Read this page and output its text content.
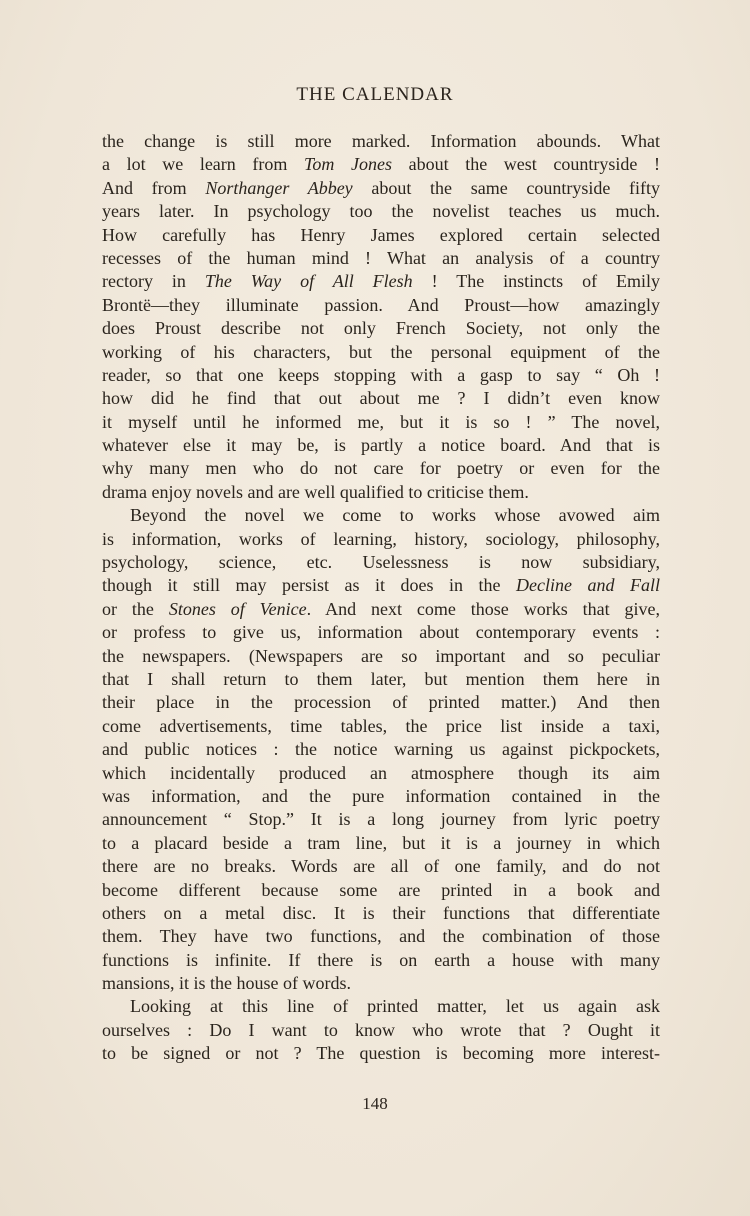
THE CALENDAR
the change is still more marked. Information abounds. What
a lot we learn from Tom Jones about the west countryside !
And from Northanger Abbey about the same countryside fifty
years later. In psychology too the novelist teaches us much.
How carefully has Henry James explored certain selected
recesses of the human mind ! What an analysis of a country
rectory in The Way of All Flesh ! The instincts of Emily
Brontë—they illuminate passion. And Proust—how amazingly
does Proust describe not only French Society, not only the
working of his characters, but the personal equipment of the
reader, so that one keeps stopping with a gasp to say “ Oh !
how did he find that out about me ? I didn’t even know
it myself until he informed me, but it is so ! ” The novel,
whatever else it may be, is partly a notice board. And that is
why many men who do not care for poetry or even for the
drama enjoy novels and are well qualified to criticise them.
Beyond the novel we come to works whose avowed aim
is information, works of learning, history, sociology, philosophy,
psychology, science, etc. Uselessness is now subsidiary,
though it still may persist as it does in the Decline and Fall
or the Stones of Venice. And next come those works that give,
or profess to give us, information about contemporary events :
the newspapers. (Newspapers are so important and so peculiar
that I shall return to them later, but mention them here in
their place in the procession of printed matter.) And then
come advertisements, time tables, the price list inside a taxi,
and public notices : the notice warning us against pickpockets,
which incidentally produced an atmosphere though its aim
was information, and the pure information contained in the
announcement “ Stop.” It is a long journey from lyric poetry
to a placard beside a tram line, but it is a journey in which
there are no breaks. Words are all of one family, and do not
become different because some are printed in a book and
others on a metal disc. It is their functions that differentiate
them. They have two functions, and the combination of those
functions is infinite. If there is on earth a house with many
mansions, it is the house of words.
Looking at this line of printed matter, let us again ask
ourselves : Do I want to know who wrote that ? Ought it
to be signed or not ? The question is becoming more interest-
148
